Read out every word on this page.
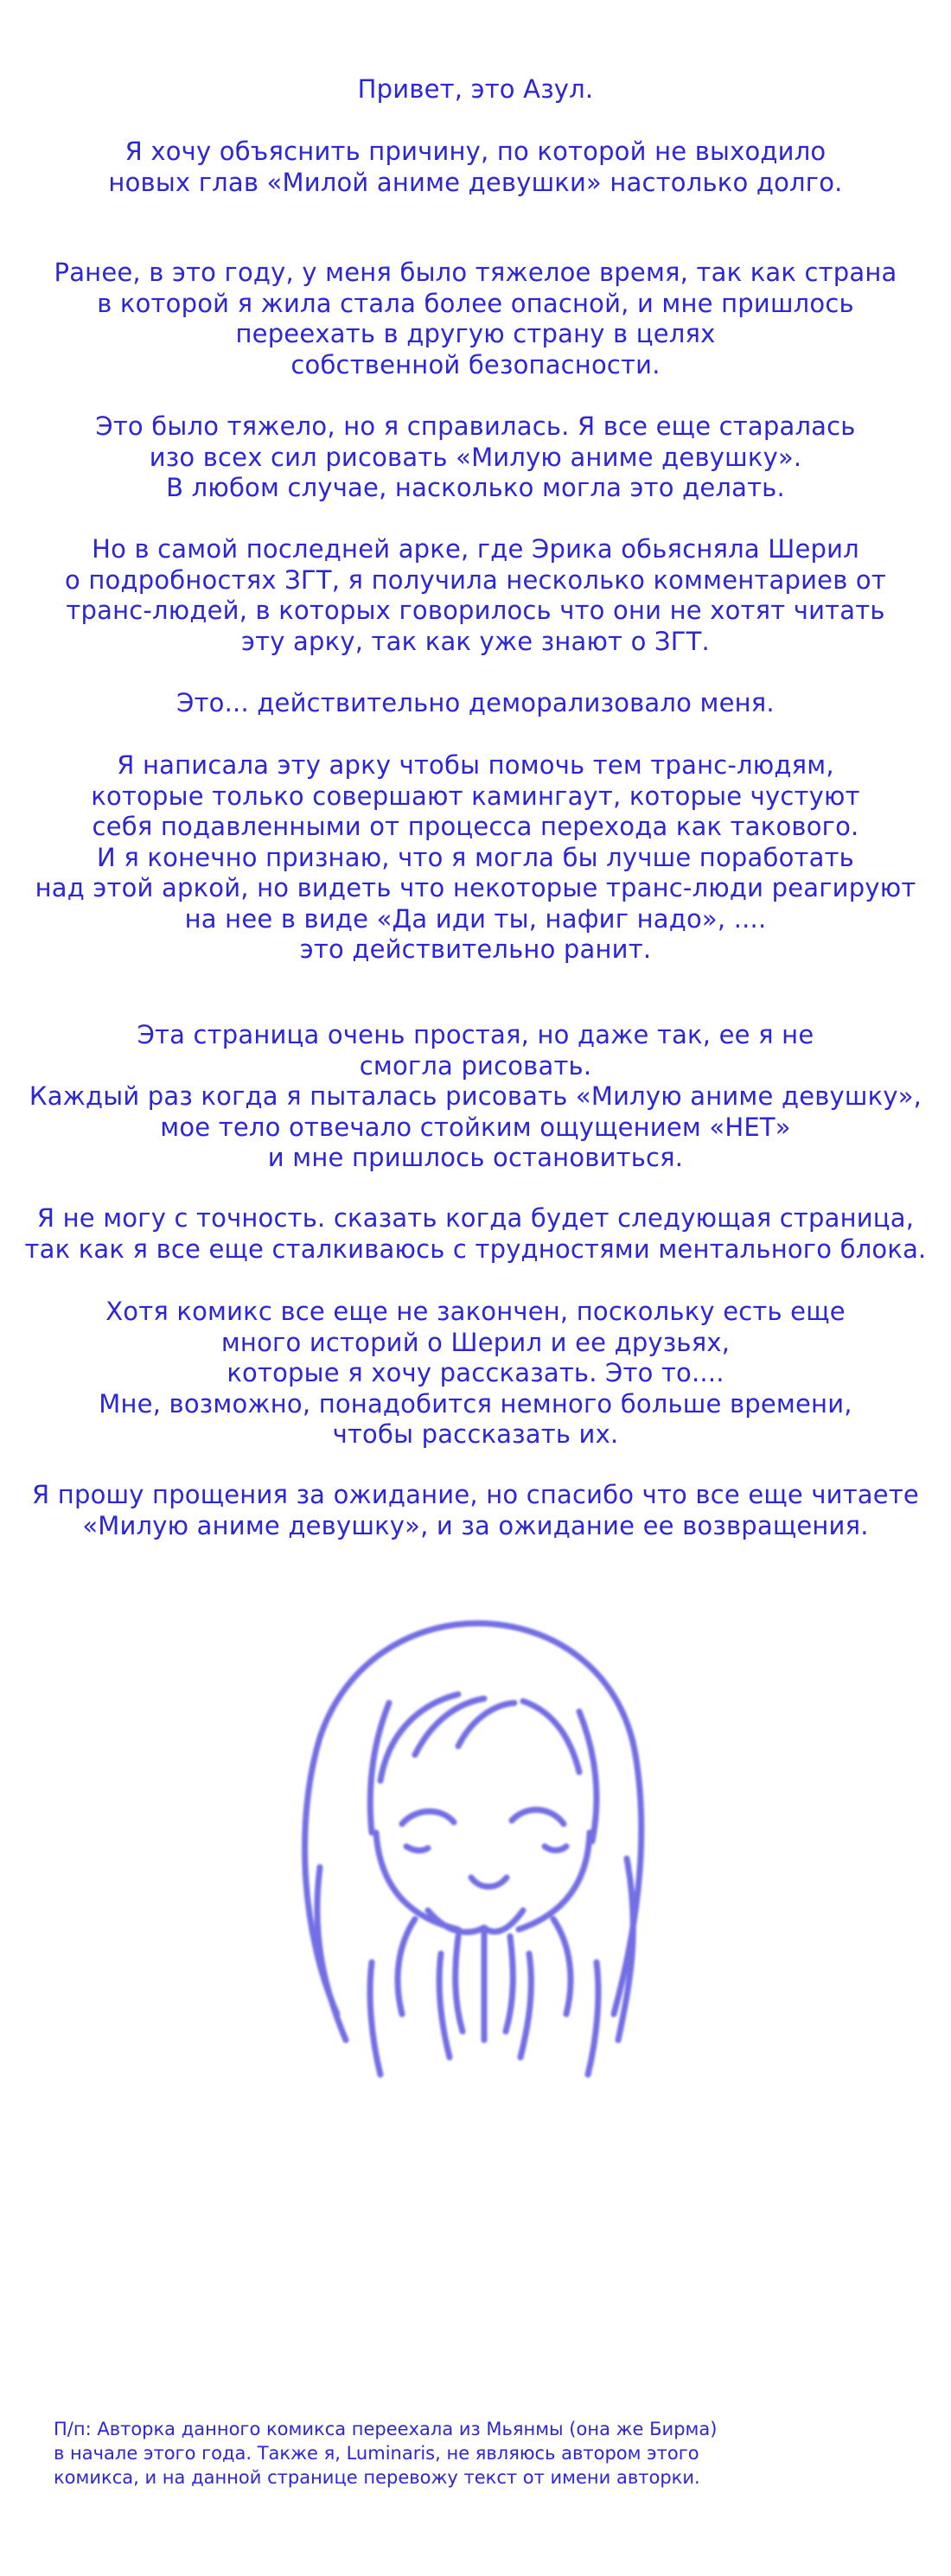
Привет, это Азул.

Я хочу объяснить причину, по которой не выходило
новых глав «Милой аниме девушки» настолько долго.

Ранее, в это году, у меня было тяжелое время, так как страна
в которой я жила стала более опасной, и мне пришлось
переехать в другую страну в целях
собственной безопасности.

Это было тяжело, но я справилась. Я все еще старалась
изо всех сил рисовать «Милую аниме девушку».
В любом случае, насколько могла это делать.

Но в самой последней арке, где Эрика обьясняла Шерил
о подробностях ЗГТ, я получила несколько комментариев от
транс-людей, в которых говорилось что они не хотят читать
эту арку, так как уже знают о ЗГТ.

Это... действительно деморализовало меня.

Я написала эту арку чтобы помочь тем транс-людям,
которые только совершают камингаут, которые чустуют
себя подавленными от процесса перехода как такового.
И я конечно признаю, что я могла бы лучше поработать
над этой аркой, но видеть что некоторые транс-люди реагируют
на нее в виде «Да иди ты, нафиг надо», ....
это действительно ранит.

Эта страница очень простая, но даже так, ее я не
смогла рисовать.
Каждый раз когда я пыталась рисовать «Милую аниме девушку»,
мое тело отвечало стойким ощущением «НЕТ»
и мне пришлось остановиться.

Я не могу с точность. сказать когда будет следующая страница,
так как я все еще сталкиваюсь с трудностями ментального блока.

Хотя комикс все еще не закончен, поскольку есть еще
много историй о Шерил и ее друзьях,
которые я хочу рассказать. Это то....
Мне, возможно, понадобится немного больше времени,
чтобы рассказать их.

Я прошу прощения за ожидание, но спасибо что все еще читаете
«Милую аниме девушку», и за ожидание ее возвращения.

П/п: Авторка данного комикса переехала из Мьянмы (она же Бирма)
в начале этого года. Также я, Luminaris, не являюсь автором этого
комикса, и на данной странице перевожу текст от имени авторки.
